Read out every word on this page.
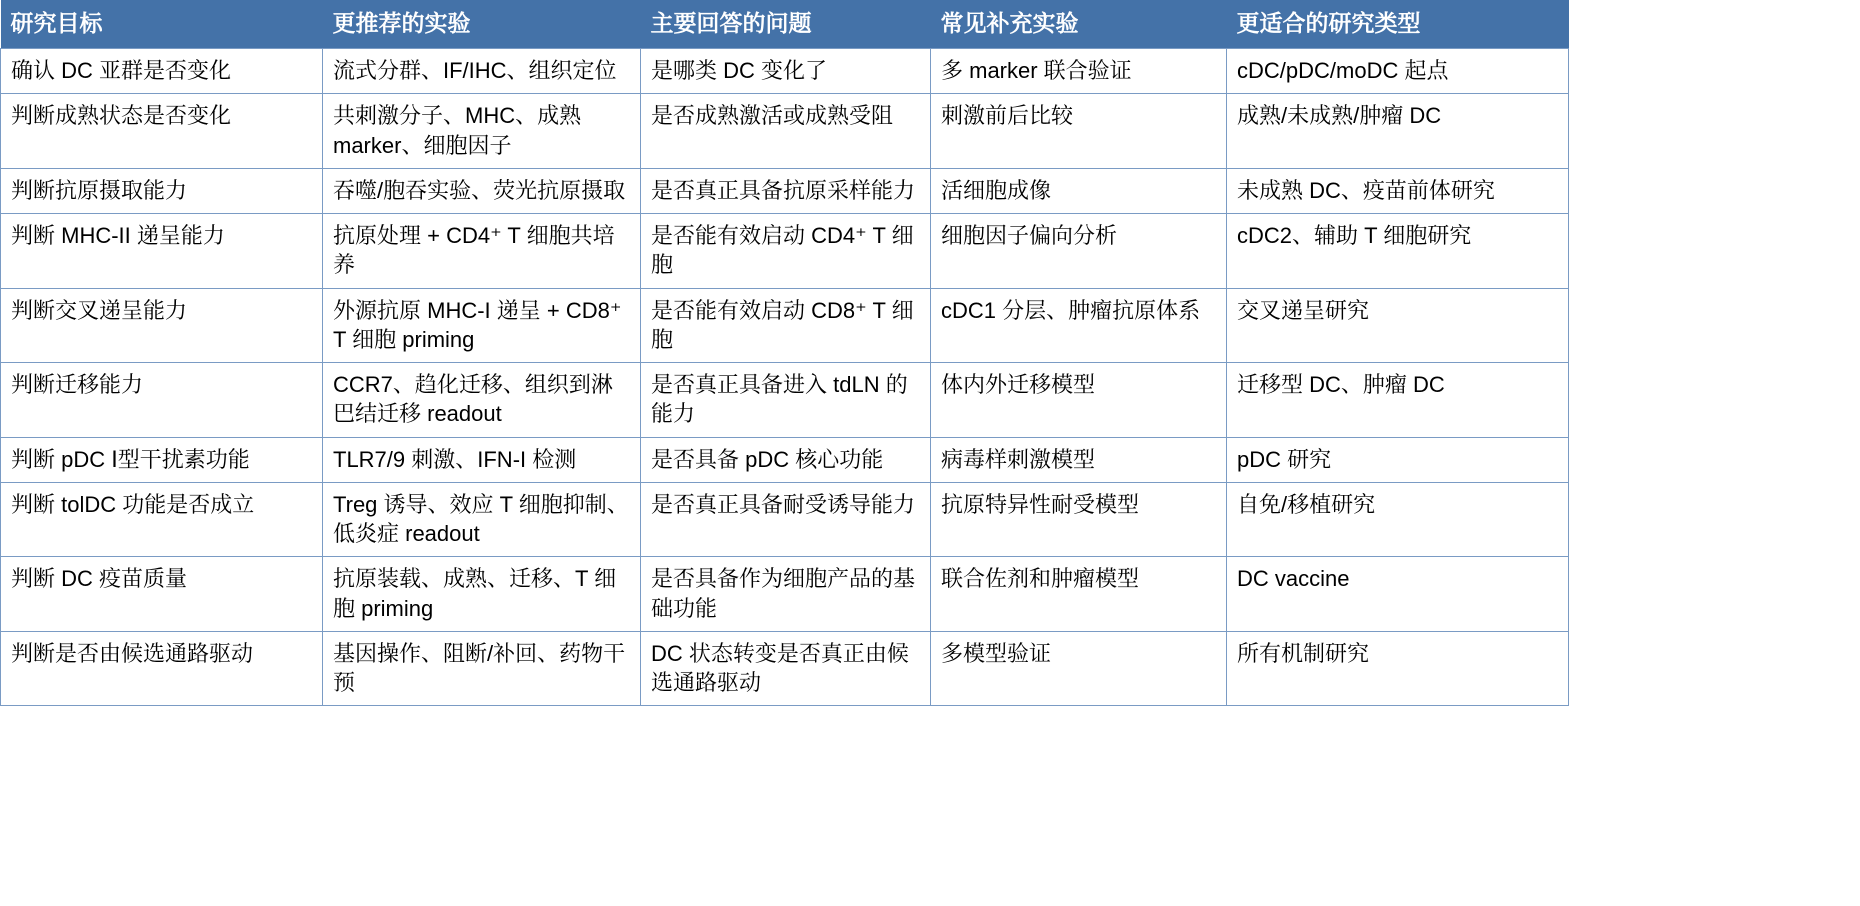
研究目标	更推荐的实验	主要回答的问题	常见补充实验	更适合的研究类型
确认 DC 亚群是否变化	流式分群、IF/IHC、组织定位	是哪类 DC 变化了	多 marker 联合验证	cDC/pDC/moDC 起点
判断成熟状态是否变化	共刺激分子、MHC、成熟 marker、细胞因子	是否成熟激活或成熟受阻	刺激前后比较	成熟/未成熟/肿瘤 DC
判断抗原摄取能力	吞噬/胞吞实验、荧光抗原摄取	是否真正具备抗原采样能力	活细胞成像	未成熟 DC、疫苗前体研究
判断 MHC-II 递呈能力	抗原处理 + CD4⁺ T 细胞共培养	是否能有效启动 CD4⁺ T 细胞	细胞因子偏向分析	cDC2、辅助 T 细胞研究
判断交叉递呈能力	外源抗原 MHC-I 递呈 + CD8⁺ T 细胞 priming	是否能有效启动 CD8⁺ T 细胞	cDC1 分层、肿瘤抗原体系	交叉递呈研究
判断迁移能力	CCR7、趋化迁移、组织到淋巴结迁移 readout	是否真正具备进入 tdLN 的能力	体内外迁移模型	迁移型 DC、肿瘤 DC
判断 pDC Ⅰ型干扰素功能	TLR7/9 刺激、IFN-I 检测	是否具备 pDC 核心功能	病毒样刺激模型	pDC 研究
判断 tolDC 功能是否成立	Treg 诱导、效应 T 细胞抑制、低炎症 readout	是否真正具备耐受诱导能力	抗原特异性耐受模型	自免/移植研究
判断 DC 疫苗质量	抗原装载、成熟、迁移、T 细胞 priming	是否具备作为细胞产品的基础功能	联合佐剂和肿瘤模型	DC vaccine
判断是否由候选通路驱动	基因操作、阻断/补回、药物干预	DC 状态转变是否真正由候选通路驱动	多模型验证	所有机制研究
